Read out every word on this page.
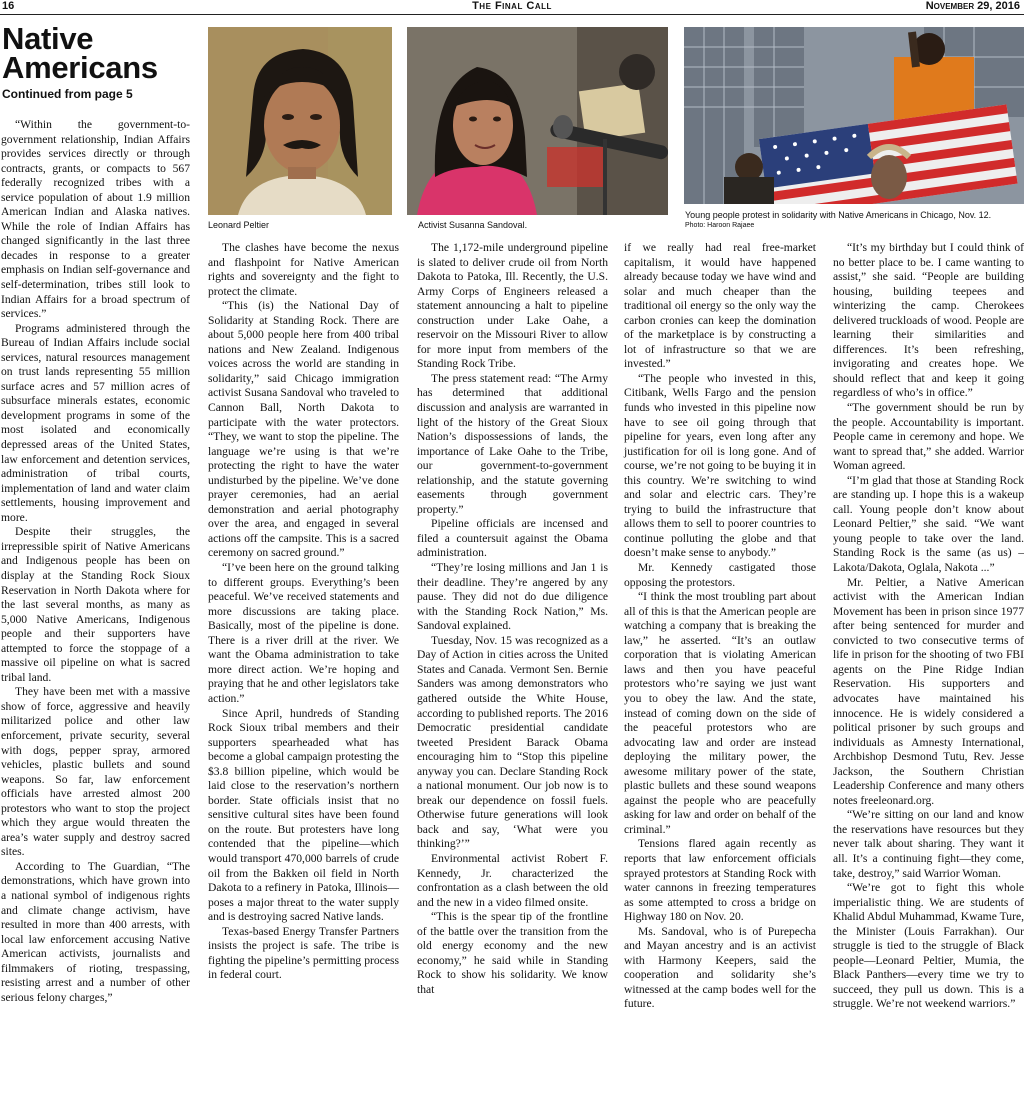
16	The Final Call	November 29, 2016
Native Americans
Continued from page 5
Leonard Peltier	Activist Susanna Sandoval.
Young people protest in solidarity with Native Americans in Chicago, Nov. 12.
Photo: Haroon Rajaee

“Within the government-to-government relationship, Indian Affairs provides services directly or through contracts, grants, or compacts to 567 federally recognized tribes with a service population of about 1.9 million American Indian and Alaska natives. While the role of Indian Affairs has changed significantly in the last three decades in response to a greater emphasis on Indian self-governance and self-determination, tribes still look to Indian Affairs for a broad spectrum of services.”

Programs administered through the Bureau of Indian Affairs include social services, natural resources management on trust lands representing 55 million surface acres and 57 million acres of subsurface minerals estates, economic development programs in some of the most isolated and economically depressed areas of the United States, law enforcement and detention services, administration of tribal courts, implementation of land and water claim settlements, housing improvement and more.

Despite their struggles, the irrepressible spirit of Native Americans and Indigenous people has been on display at the Standing Rock Sioux Reservation in North Dakota where for the last several months, as many as 5,000 Native Americans, Indigenous people and their supporters have attempted to force the stoppage of a massive oil pipeline on what is sacred tribal land.

They have been met with a massive show of force, aggressive and heavily militarized police and other law enforcement, private security, several with dogs, pepper spray, armored vehicles, plastic bullets and sound weapons. So far, law enforcement officials have arrested almost 200 protestors who want to stop the project which they argue would threaten the area’s water supply and destroy sacred sites.

According to The Guardian, “The demonstrations, which have grown into a national symbol of indigenous rights and climate change activism, have resulted in more than 400 arrests, with local law enforcement accusing Native American activists, journalists and filmmakers of rioting, trespassing, resisting arrest and a number of other serious felony charges,”

The clashes have become the nexus and flashpoint for Native American rights and sovereignty and the fight to protect the climate.

“This (is) the National Day of Solidarity at Standing Rock. There are about 5,000 people here from 400 tribal nations and New Zealand. Indigenous voices across the world are standing in solidarity,” said Chicago immigration activist Susana Sandoval who traveled to Cannon Ball, North Dakota to participate with the water protectors. “They, we want to stop the pipeline. The language we’re using is that we’re protecting the right to have the water undisturbed by the pipeline. We’ve done prayer ceremonies, had an aerial demonstration and aerial photography over the area, and engaged in several actions off the campsite. This is a sacred ceremony on sacred ground.”

“I’ve been here on the ground talking to different groups. Everything’s been peaceful. We’ve received statements and more discussions are taking place. Basically, most of the pipeline is done. There is a river drill at the river. We want the Obama administration to take more direct action. We’re hoping and praying that he and other legislators take action.”

Since April, hundreds of Standing Rock Sioux tribal members and their supporters spearheaded what has become a global campaign protesting the $3.8 billion pipeline, which would be laid close to the reservation’s northern border. State officials insist that no sensitive cultural sites have been found on the route. But protesters have long contended that the pipeline—which would transport 470,000 barrels of crude oil from the Bakken oil field in North Dakota to a refinery in Patoka, Illinois—poses a major threat to the water supply and is destroying sacred Native lands.

Texas-based Energy Transfer Partners insists the project is safe. The tribe is fighting the pipeline’s permitting process in federal court.

The 1,172-mile underground pipeline is slated to deliver crude oil from North Dakota to Patoka, Ill. Recently, the U.S. Army Corps of Engineers released a statement announcing a halt to pipeline construction under Lake Oahe, a reservoir on the Missouri River to allow for more input from members of the Standing Rock Tribe.

The press statement read: “The Army has determined that additional discussion and analysis are warranted in light of the history of the Great Sioux Nation’s dispossessions of lands, the importance of Lake Oahe to the Tribe, our government-to-government relationship, and the statute governing easements through government property.”

Pipeline officials are incensed and filed a countersuit against the Obama administration.

“They’re losing millions and Jan 1 is their deadline. They’re angered by any pause. They did not do due diligence with the Standing Rock Nation,” Ms. Sandoval explained.

Tuesday, Nov. 15 was recognized as a Day of Action in cities across the United States and Canada. Vermont Sen. Bernie Sanders was among demonstrators who gathered outside the White House, according to published reports. The 2016 Democratic presidential candidate tweeted President Barack Obama encouraging him to “Stop this pipeline anyway you can. Declare Standing Rock a national monument. Our job now is to break our dependence on fossil fuels. Otherwise future generations will look back and say, ‘What were you thinking?’”

Environmental activist Robert F. Kennedy, Jr. characterized the confrontation as a clash between the old and the new in a video filmed onsite.

“This is the spear tip of the frontline of the battle over the transition from the old energy economy and the new economy,” he said while in Standing Rock to show his solidarity. We know that

if we really had real free-market capitalism, it would have happened already because today we have wind and solar and much cheaper than the traditional oil energy so the only way the carbon cronies can keep the domination of the marketplace is by constructing a lot of infrastructure so that we are invested.”

“The people who invested in this, Citibank, Wells Fargo and the pension funds who invested in this pipeline now have to see oil going through that pipeline for years, even long after any justification for oil is long gone. And of course, we’re not going to be buying it in this country. We’re switching to wind and solar and electric cars. They’re trying to build the infrastructure that allows them to sell to poorer countries to continue polluting the globe and that doesn’t make sense to anybody.”

Mr. Kennedy castigated those opposing the protestors.

“I think the most troubling part about all of this is that the American people are watching a company that is breaking the law,” he asserted. “It’s an outlaw corporation that is violating American laws and then you have peaceful protestors who’re saying we just want you to obey the law. And the state, instead of coming down on the side of the peaceful protestors who are advocating law and order are instead deploying the military power, the awesome military power of the state, plastic bullets and these sound weapons against the people who are peacefully asking for law and order on behalf of the criminal.”

Tensions flared again recently as reports that law enforcement officials sprayed protestors at Standing Rock with water cannons in freezing temperatures as some attempted to cross a bridge on Highway 180 on Nov. 20.

Ms. Sandoval, who is of Purepecha and Mayan ancestry and is an activist with Harmony Keepers, said the cooperation and solidarity she’s witnessed at the camp bodes well for the future.

“It’s my birthday but I could think of no better place to be. I came wanting to assist,” she said. “People are building housing, building teepees and winterizing the camp. Cherokees delivered truckloads of wood. People are learning their similarities and differences. It’s been refreshing, invigorating and creates hope. We should reflect that and keep it going regardless of who’s in office.”

“The government should be run by the people. Accountability is important. People came in ceremony and hope. We want to spread that,” she added. Warrior Woman agreed.

“I’m glad that those at Standing Rock are standing up. I hope this is a wakeup call. Young people don’t know about Leonard Peltier,” she said. “We want young people to take over the land. Standing Rock is the same (as us) – Lakota/Dakota, Oglala, Nakota ...”

Mr. Peltier, a Native American activist with the American Indian Movement has been in prison since 1977 after being sentenced for murder and convicted to two consecutive terms of life in prison for the shooting of two FBI agents on the Pine Ridge Indian Reservation. His supporters and advocates have maintained his innocence. He is widely considered a political prisoner by such groups and individuals as Amnesty International, Archbishop Desmond Tutu, Rev. Jesse Jackson, the Southern Christian Leadership Conference and many others notes freeleonard.org.

“We’re sitting on our land and know the reservations have resources but they never talk about sharing. They want it all. It’s a continuing fight—they come, take, destroy,” said Warrior Woman.

“We’re got to fight this whole imperialistic thing. We are students of Khalid Abdul Muhammad, Kwame Ture, the Minister (Louis Farrakhan). Our struggle is tied to the struggle of Black people—Leonard Peltier, Mumia, the Black Panthers—every time we try to succeed, they pull us down. This is a struggle. We’re not weekend warriors.”
